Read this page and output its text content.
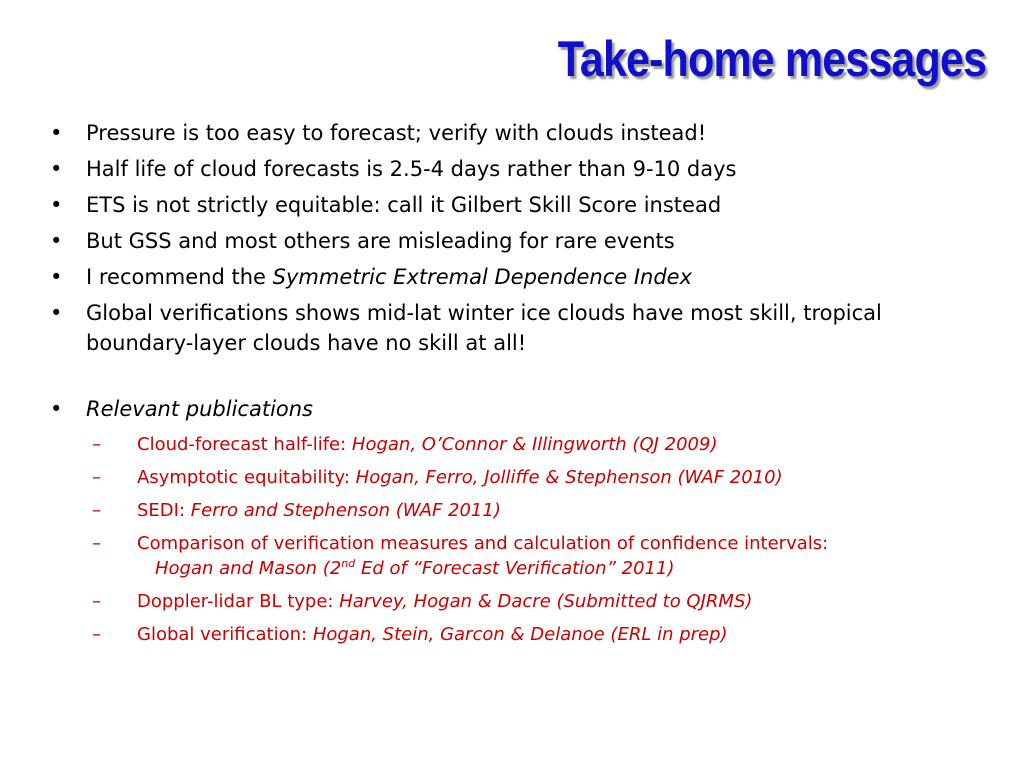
Take-home messages
• Pressure is too easy to forecast; verify with clouds instead!
• Half life of cloud forecasts is 2.5-4 days rather than 9-10 days
• ETS is not strictly equitable: call it Gilbert Skill Score instead
• But GSS and most others are misleading for rare events
• I recommend the Symmetric Extremal Dependence Index
• Global verifications shows mid-lat winter ice clouds have most skill, tropical boundary-layer clouds have no skill at all!
• Relevant publications
– Cloud-forecast half-life: Hogan, O’Connor & Illingworth (QJ 2009)
– Asymptotic equitability: Hogan, Ferro, Jolliffe & Stephenson (WAF 2010)
– SEDI: Ferro and Stephenson (WAF 2011)
– Comparison of verification measures and calculation of confidence intervals:
Hogan and Mason (2nd Ed of “Forecast Verification” 2011)
– Doppler-lidar BL type: Harvey, Hogan & Dacre (Submitted to QJRMS)
– Global verification: Hogan, Stein, Garcon & Delanoe (ERL in prep)
